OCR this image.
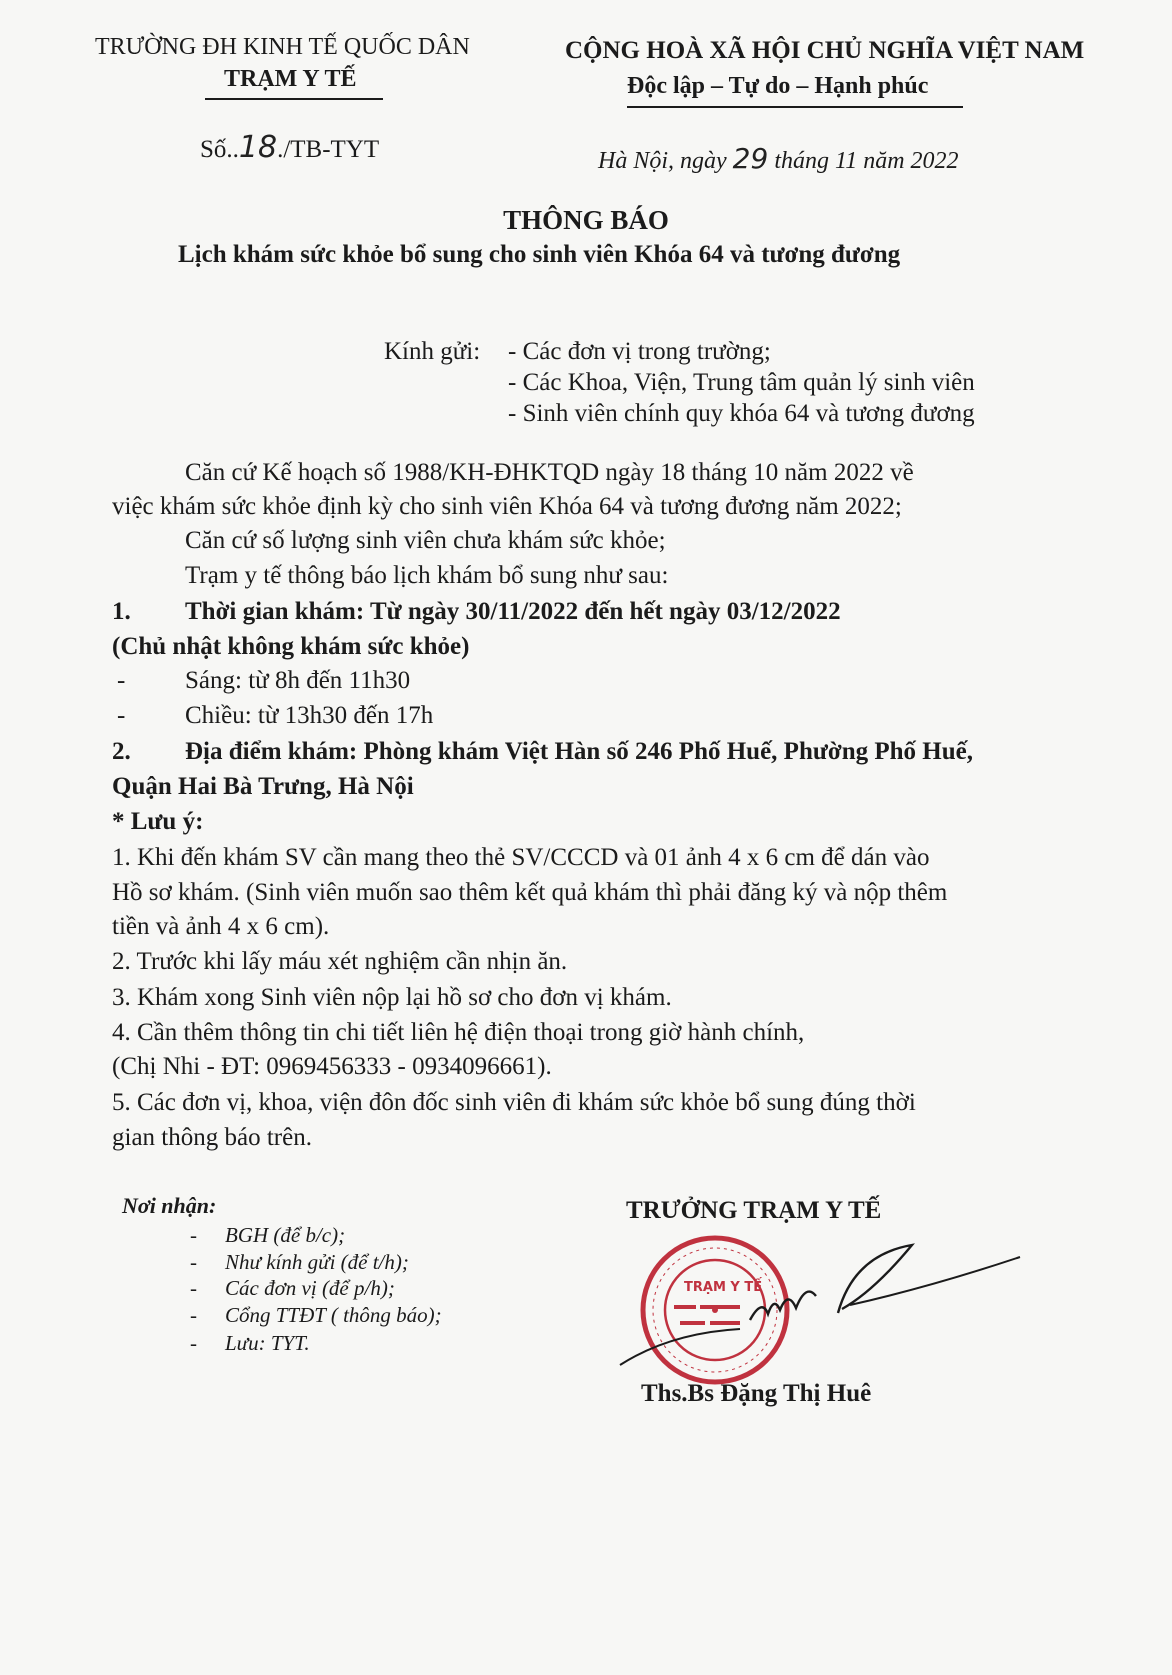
TRƯỜNG ĐH KINH TẾ QUỐC DÂN
TRẠM Y TẾ
Số..18./TB-TYT
CỘNG HOÀ XÃ HỘI CHỦ NGHĨA VIỆT NAM
Độc lập – Tự do – Hạnh phúc
Hà Nội, ngày 29 tháng 11 năm 2022
THÔNG BÁO
Lịch khám sức khỏe bổ sung cho sinh viên Khóa 64 và tương đương
Kính gửi: - Các đơn vị trong trường;
- Các Khoa, Viện, Trung tâm quản lý sinh viên
- Sinh viên chính quy khóa 64 và tương đương
Căn cứ Kế hoạch số 1988/KH-ĐHKTQD ngày 18 tháng 10 năm 2022 về
việc khám sức khỏe định kỳ cho sinh viên Khóa 64 và tương đương năm 2022;
Căn cứ số lượng sinh viên chưa khám sức khỏe;
Trạm y tế thông báo lịch khám bổ sung như sau:
1. Thời gian khám: Từ ngày 30/11/2022 đến hết ngày 03/12/2022
(Chủ nhật không khám sức khỏe)
- Sáng: từ 8h đến 11h30
- Chiều: từ 13h30 đến 17h
2. Địa điểm khám: Phòng khám Việt Hàn số 246 Phố Huế, Phường Phố Huế,
Quận Hai Bà Trưng, Hà Nội
* Lưu ý:
1. Khi đến khám SV cần mang theo thẻ SV/CCCD và 01 ảnh 4 x 6 cm để dán vào
Hồ sơ khám. (Sinh viên muốn sao thêm kết quả khám thì phải đăng ký và nộp thêm
tiền và ảnh 4 x 6 cm).
2. Trước khi lấy máu xét nghiệm cần nhịn ăn.
3. Khám xong Sinh viên nộp lại hồ sơ cho đơn vị khám.
4. Cần thêm thông tin chi tiết liên hệ điện thoại trong giờ hành chính,
(Chị Nhi - ĐT: 0969456333 - 0934096661).
5. Các đơn vị, khoa, viện đôn đốc sinh viên đi khám sức khỏe bổ sung đúng thời
gian thông báo trên.
Nơi nhận:
- BGH (để b/c);
- Như kính gửi (để t/h);
- Các đơn vị (để p/h);
- Cổng TTĐT ( thông báo);
- Lưu: TYT.
TRƯỞNG TRẠM Y TẾ
TRẠM Y TẾ
Ths.Bs Đặng Thị Huê
